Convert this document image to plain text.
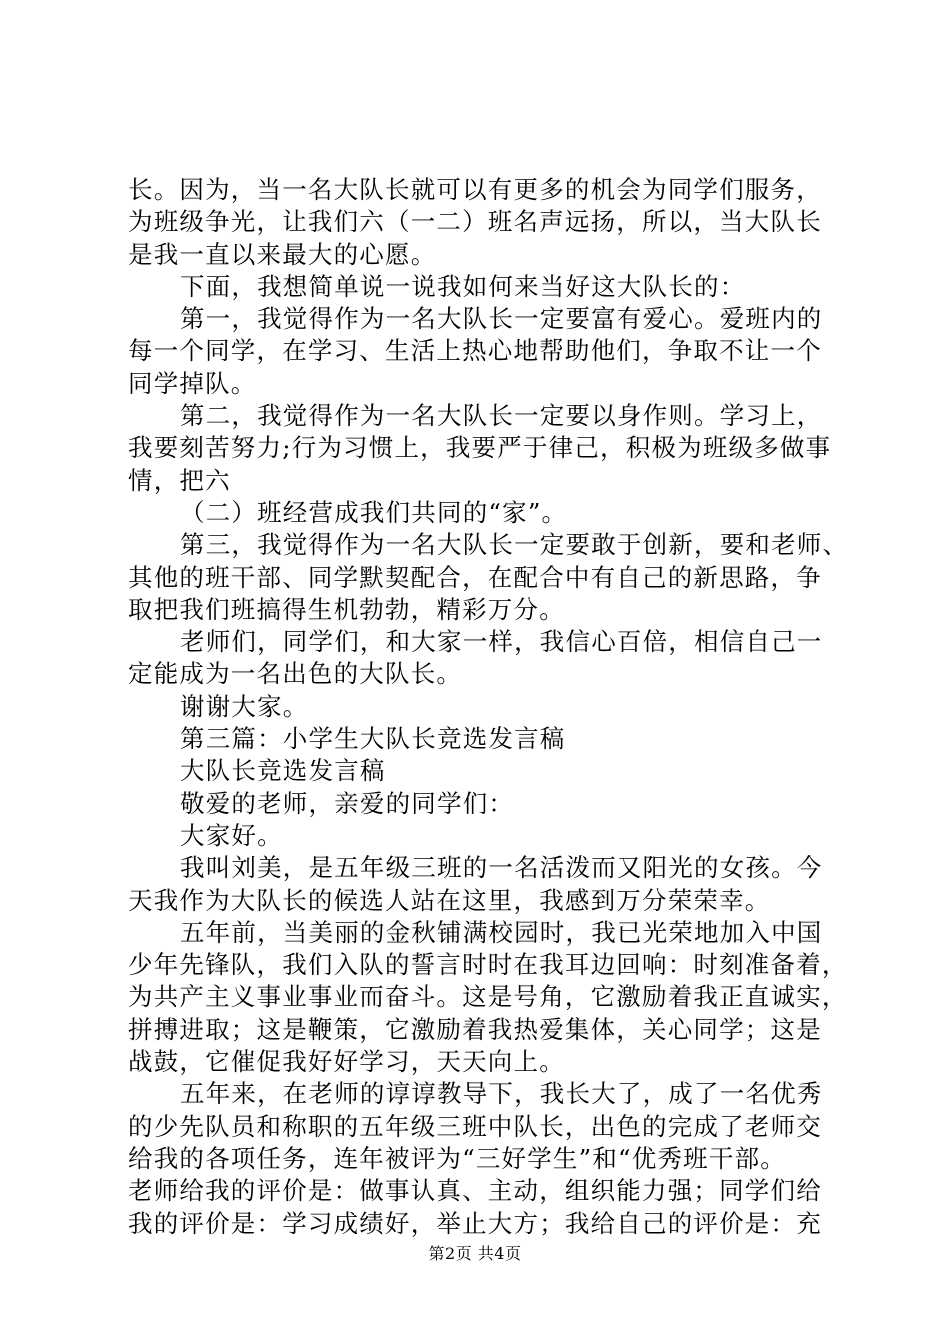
长。因为，当一名大队长就可以有更多的机会为同学们服务，
为班级争光，让我们六（一二）班名声远扬，所以，当大队长
是我一直以来最大的心愿。
下面，我想简单说一说我如何来当好这大队长的：
第一，我觉得作为一名大队长一定要富有爱心。爱班内的
每一个同学，在学习、生活上热心地帮助他们，争取不让一个
同学掉队。
第二，我觉得作为一名大队长一定要以身作则。学习上，
我要刻苦努力;行为习惯上，我要严于律己，积极为班级多做事
情，把六
（二）班经营成我们共同的“家”。
第三，我觉得作为一名大队长一定要敢于创新，要和老师、
其他的班干部、同学默契配合，在配合中有自己的新思路，争
取把我们班搞得生机勃勃，精彩万分。
老师们，同学们，和大家一样，我信心百倍，相信自己一
定能成为一名出色的大队长。
谢谢大家。
第三篇：小学生大队长竞选发言稿
大队长竞选发言稿
敬爱的老师，亲爱的同学们：
大家好。
我叫刘美，是五年级三班的一名活泼而又阳光的女孩。今
天我作为大队长的候选人站在这里，我感到万分荣荣幸。
五年前，当美丽的金秋铺满校园时，我已光荣地加入中国
少年先锋队，我们入队的誓言时时在我耳边回响：时刻准备着，
为共产主义事业事业而奋斗。这是号角，它激励着我正直诚实，
拼搏进取；这是鞭策，它激励着我热爱集体，关心同学；这是
战鼓，它催促我好好学习，天天向上。
五年来，在老师的谆谆教导下，我长大了，成了一名优秀
的少先队员和称职的五年级三班中队长，出色的完成了老师交
给我的各项任务，连年被评为“三好学生”和“优秀班干部。
老师给我的评价是：做事认真、主动，组织能力强；同学们给
我的评价是：学习成绩好，举止大方；我给自己的评价是：充
第2页 共4页
